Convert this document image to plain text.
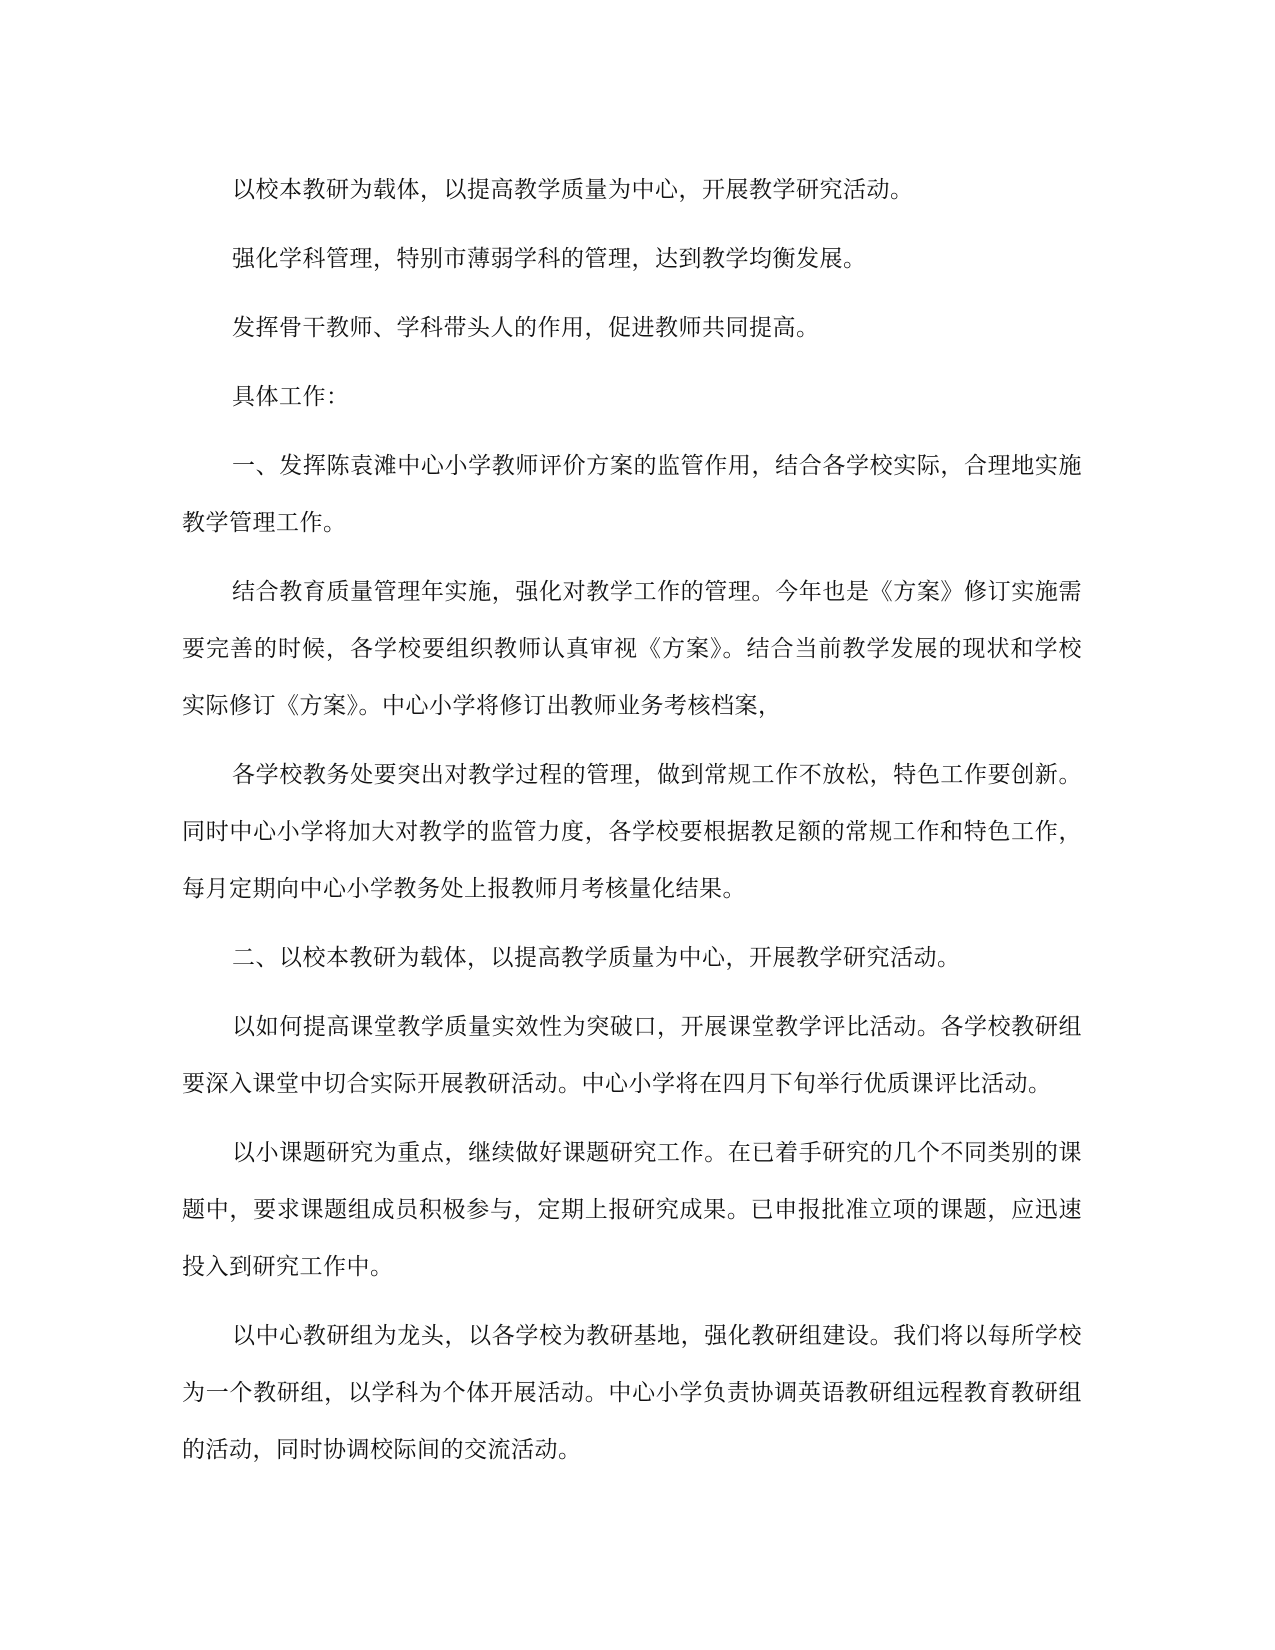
以校本教研为载体，以提高教学质量为中心，开展教学研究活动。

强化学科管理，特别市薄弱学科的管理，达到教学均衡发展。

发挥骨干教师、学科带头人的作用，促进教师共同提高。

具体工作：

一、发挥陈袁滩中心小学教师评价方案的监管作用，结合各学校实际，合理地实施教学管理工作。

结合教育质量管理年实施，强化对教学工作的管理。今年也是《方案》修订实施需要完善的时候，各学校要组织教师认真审视《方案》。结合当前教学发展的现状和学校实际修订《方案》。中心小学将修订出教师业务考核档案，

各学校教务处要突出对教学过程的管理，做到常规工作不放松，特色工作要创新。同时中心小学将加大对教学的监管力度，各学校要根据教足额的常规工作和特色工作，每月定期向中心小学教务处上报教师月考核量化结果。

二、以校本教研为载体，以提高教学质量为中心，开展教学研究活动。

以如何提高课堂教学质量实效性为突破口，开展课堂教学评比活动。各学校教研组要深入课堂中切合实际开展教研活动。中心小学将在四月下旬举行优质课评比活动。

以小课题研究为重点，继续做好课题研究工作。在已着手研究的几个不同类别的课题中，要求课题组成员积极参与，定期上报研究成果。已申报批准立项的课题，应迅速投入到研究工作中。

以中心教研组为龙头，以各学校为教研基地，强化教研组建设。我们将以每所学校为一个教研组，以学科为个体开展活动。中心小学负责协调英语教研组远程教育教研组的活动，同时协调校际间的交流活动。
